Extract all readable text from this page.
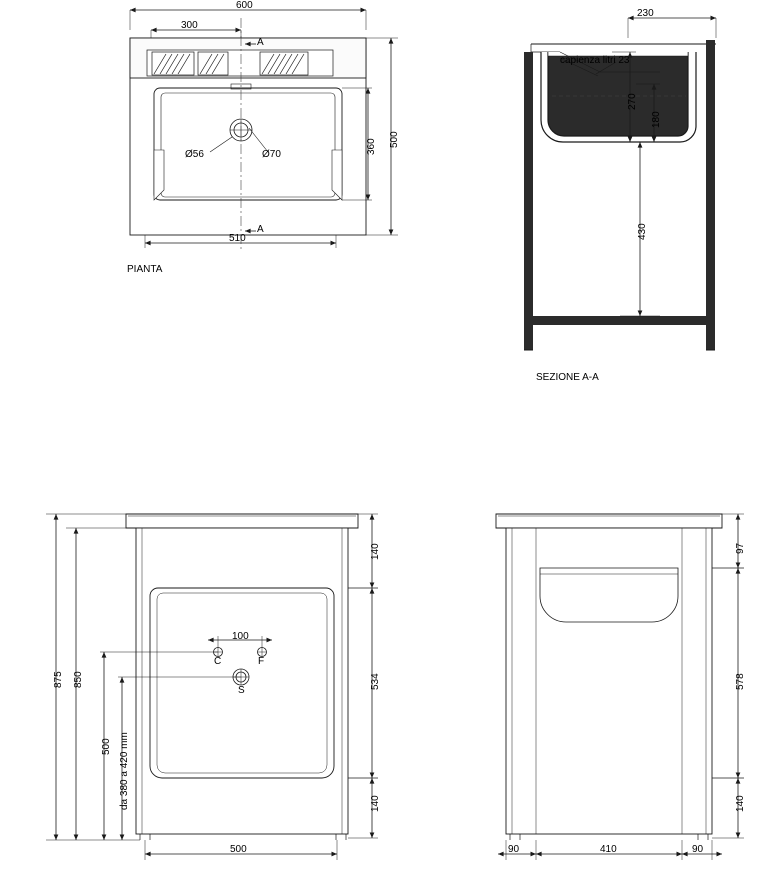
600
300
510
500
360
Ø56	Ø70
A
A
PIANTA
230
capienza litri 23
270
180
430
SEZIONE A-A
140
534
140
875 850
500 da 380 a 420 mm
100
C	F
S
500
97
578
140
90	410	90
